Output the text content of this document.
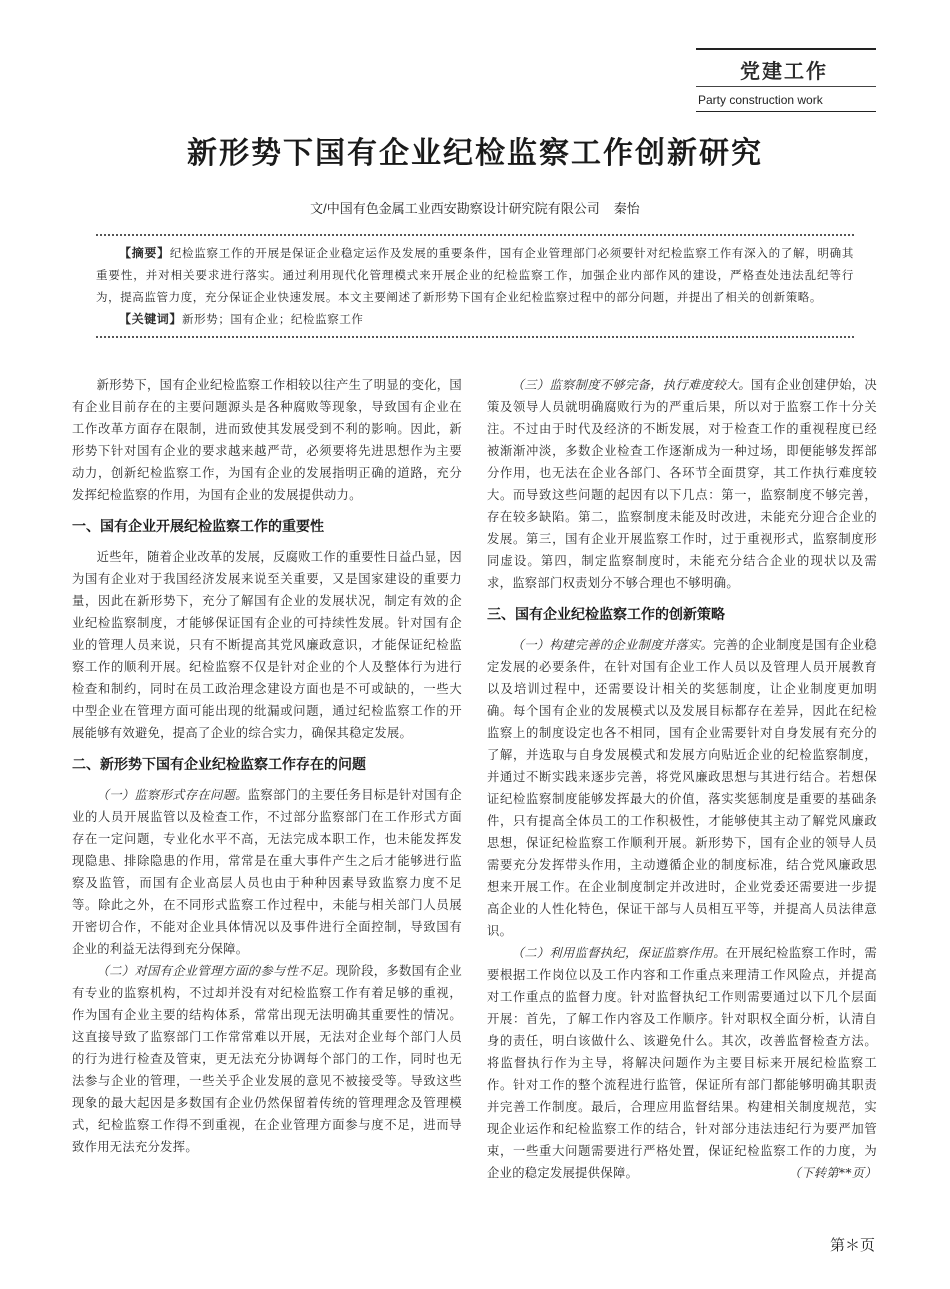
党建工作
Party construction work
新形势下国有企业纪检监察工作创新研究
文/中国有色金属工业西安勘察设计研究院有限公司 秦怡

【摘要】纪检监察工作的开展是保证企业稳定运作及发展的重要条件，国有企业管理部门必须要针对纪检监察工作有深入的了解，明确其重要性，并对相关要求进行落实。通过利用现代化管理模式来开展企业的纪检监察工作，加强企业内部作风的建设，严格查处违法乱纪等行为，提高监管力度，充分保证企业快速发展。本文主要阐述了新形势下国有企业纪检监察过程中的部分问题，并提出了相关的创新策略。

【关键词】新形势；国有企业；纪检监察工作

新形势下，国有企业纪检监察工作相较以往产生了明显的变化，国有企业目前存在的主要问题源头是各种腐败等现象，导致国有企业在工作改革方面存在限制，进而致使其发展受到不利的影响。因此，新形势下针对国有企业的要求越来越严苛，必须要将先进思想作为主要动力，创新纪检监察工作，为国有企业的发展指明正确的道路，充分发挥纪检监察的作用，为国有企业的发展提供动力。

一、国有企业开展纪检监察工作的重要性

近些年，随着企业改革的发展，反腐败工作的重要性日益凸显，因为国有企业对于我国经济发展来说至关重要，又是国家建设的重要力量，因此在新形势下，充分了解国有企业的发展状况，制定有效的企业纪检监察制度，才能够保证国有企业的可持续性发展。针对国有企业的管理人员来说，只有不断提高其党风廉政意识，才能保证纪检监察工作的顺利开展。纪检监察不仅是针对企业的个人及整体行为进行检查和制约，同时在员工政治理念建设方面也是不可或缺的，一些大中型企业在管理方面可能出现的纰漏或问题，通过纪检监察工作的开展能够有效避免，提高了企业的综合实力，确保其稳定发展。

二、新形势下国有企业纪检监察工作存在的问题

（一）监察形式存在问题。监察部门的主要任务目标是针对国有企业的人员开展监管以及检查工作，不过部分监察部门在工作形式方面存在一定问题，专业化水平不高，无法完成本职工作，也未能发挥发现隐患、排除隐患的作用，常常是在重大事件产生之后才能够进行监察及监管，而国有企业高层人员也由于种种因素导致监察力度不足等。除此之外，在不同形式监察工作过程中，未能与相关部门人员展开密切合作，不能对企业具体情况以及事件进行全面控制，导致国有企业的利益无法得到充分保障。

（二）对国有企业管理方面的参与性不足。现阶段，多数国有企业有专业的监察机构，不过却并没有对纪检监察工作有着足够的重视，作为国有企业主要的结构体系，常常出现无法明确其重要性的情况。这直接导致了监察部门工作常常难以开展，无法对企业每个部门人员的行为进行检查及管束，更无法充分协调每个部门的工作，同时也无法参与企业的管理，一些关乎企业发展的意见不被接受等。导致这些现象的最大起因是多数国有企业仍然保留着传统的管理理念及管理模式，纪检监察工作得不到重视，在企业管理方面参与度不足，进而导致作用无法充分发挥。

（三）监察制度不够完备，执行难度较大。国有企业创建伊始，决策及领导人员就明确腐败行为的严重后果，所以对于监察工作十分关注。不过由于时代及经济的不断发展，对于检查工作的重视程度已经被渐渐冲淡，多数企业检查工作逐渐成为一种过场，即便能够发挥部分作用，也无法在企业各部门、各环节全面贯穿，其工作执行难度较大。而导致这些问题的起因有以下几点：第一，监察制度不够完善，存在较多缺陷。第二，监察制度未能及时改进，未能充分迎合企业的发展。第三，国有企业开展监察工作时，过于重视形式，监察制度形同虚设。第四，制定监察制度时，未能充分结合企业的现状以及需求，监察部门权责划分不够合理也不够明确。

三、国有企业纪检监察工作的创新策略

（一）构建完善的企业制度并落实。完善的企业制度是国有企业稳定发展的必要条件，在针对国有企业工作人员以及管理人员开展教育以及培训过程中，还需要设计相关的奖惩制度，让企业制度更加明确。每个国有企业的发展模式以及发展目标都存在差异，因此在纪检监察上的制度设定也各不相同，国有企业需要针对自身发展有充分的了解，并选取与自身发展模式和发展方向贴近企业的纪检监察制度，并通过不断实践来逐步完善，将党风廉政思想与其进行结合。若想保证纪检监察制度能够发挥最大的价值，落实奖惩制度是重要的基础条件，只有提高全体员工的工作积极性，才能够使其主动了解党风廉政思想，保证纪检监察工作顺利开展。新形势下，国有企业的领导人员需要充分发挥带头作用，主动遵循企业的制度标准，结合党风廉政思想来开展工作。在企业制度制定并改进时，企业党委还需要进一步提高企业的人性化特色，保证干部与人员相互平等，并提高人员法律意识。

（二）利用监督执纪，保证监察作用。在开展纪检监察工作时，需要根据工作岗位以及工作内容和工作重点来理清工作风险点，并提高对工作重点的监督力度。针对监督执纪工作则需要通过以下几个层面开展：首先，了解工作内容及工作顺序。针对职权全面分析，认清自身的责任，明白该做什么、该避免什么。其次，改善监督检查方法。将监督执行作为主导，将解决问题作为主要目标来开展纪检监察工作。针对工作的整个流程进行监管，保证所有部门都能够明确其职责并完善工作制度。最后，合理应用监督结果。构建相关制度规范，实现企业运作和纪检监察工作的结合，针对部分违法违纪行为要严加管束，一些重大问题需要进行严格处置，保证纪检监察工作的力度，为企业的稳定发展提供保障。	（下转第**页）

第＊页
